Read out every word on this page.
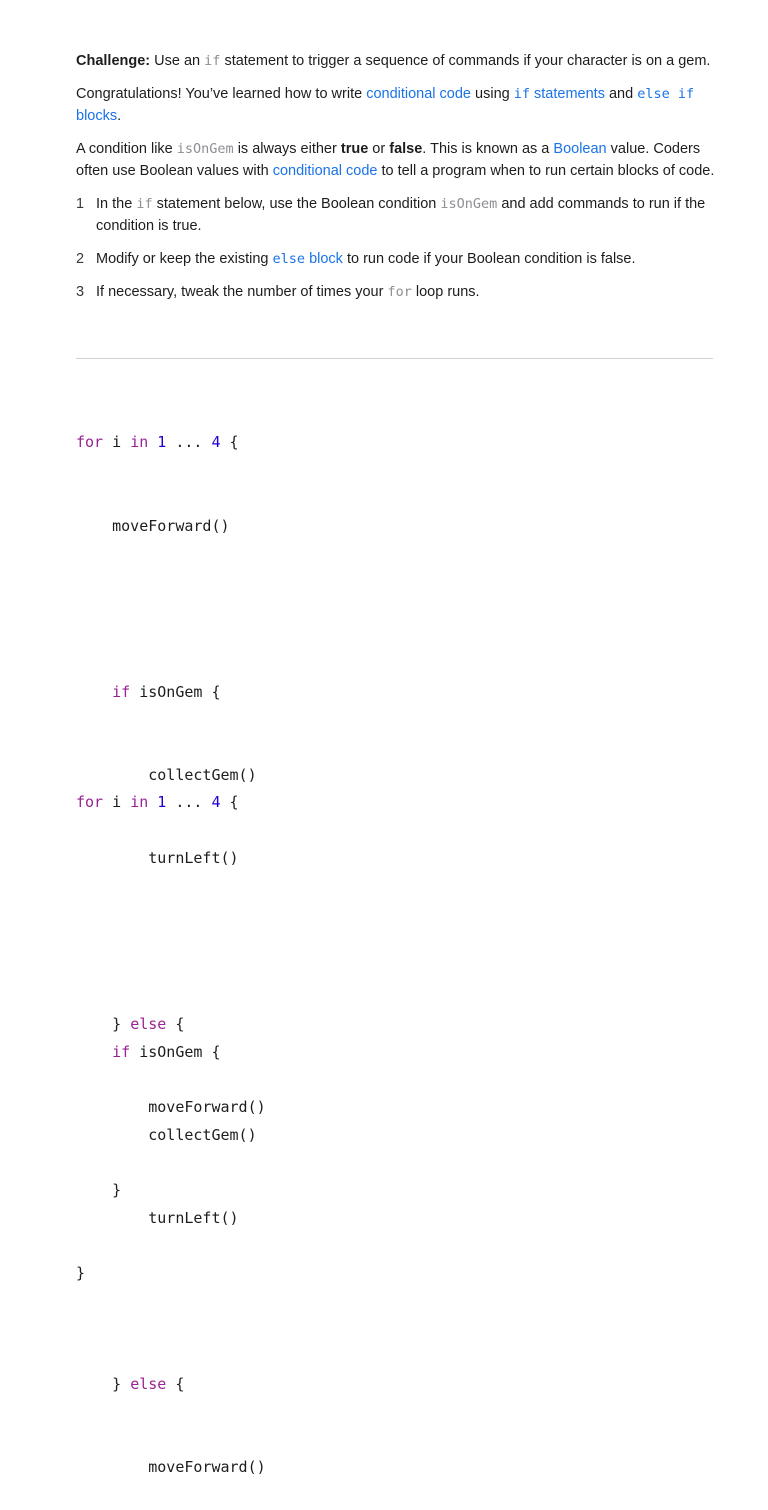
Challenge: Use an if statement to trigger a sequence of commands if your character is on a gem.

Congratulations! You’ve learned how to write conditional code using if statements and else if blocks.

A condition like isOnGem is always either true or false. This is known as a Boolean value. Coders often use Boolean values with conditional code to tell a program when to run certain blocks of code.

1 In the if statement below, use the Boolean condition isOnGem and add commands to run if the condition is true.
2 Modify or keep the existing else block to run code if your Boolean condition is false.
3 If necessary, tweak the number of times your for loop runs.

for i in 1 ... 4 {

moveForward()

if isOnGem {

collectGem()

turnLeft()

} else {

moveForward()

}

}

for i in 1 ... 4 {

if isOnGem {

collectGem()

turnLeft()

} else {

moveForward()
